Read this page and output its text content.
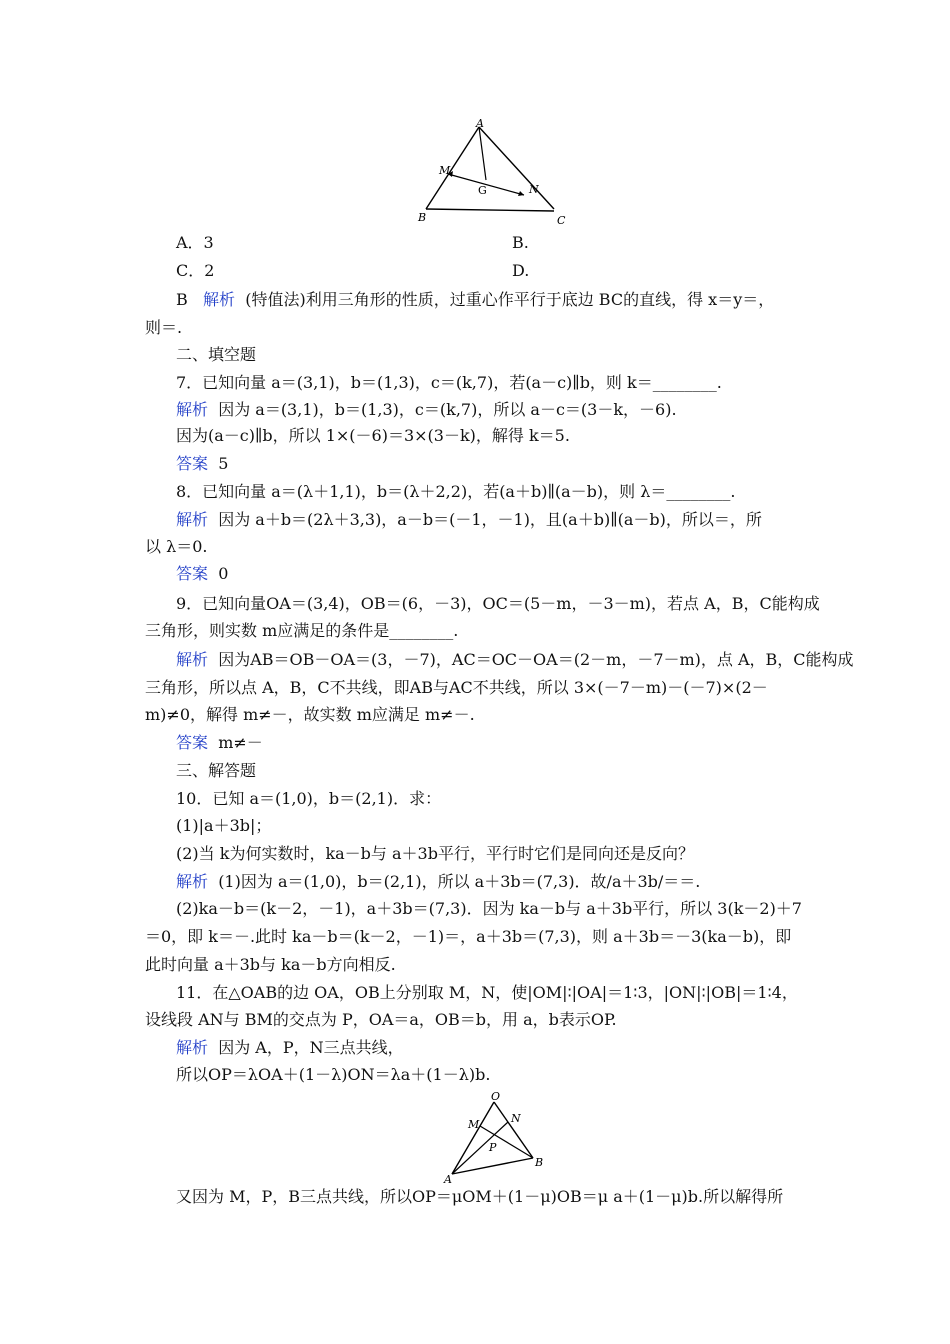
A
M
G	N
B	C
A．3	B.
C．2	D.
B 解析 (特值法)利用三角形的性质，过重心作平行于底边 BC的直线，得 x＝y＝，
则＝.
二、填空题
7．已知向量 a＝(3,1)，b＝(1,3)，c＝(k,7)，若(a－c)∥b，则 k＝________.
解析 因为 a＝(3,1)，b＝(1,3)，c＝(k,7)，所以 a－c＝(3－k，－6).
因为(a－c)∥b，所以 1×(－6)＝3×(3－k)，解得 k＝5.
答案 5
8．已知向量 a＝(λ＋1,1)，b＝(λ＋2,2)，若(a＋b)∥(a－b)，则 λ＝________.
解析 因为 a＋b＝(2λ＋3,3)，a－b＝(－1，－1)，且(a＋b)∥(a－b)，所以＝，所
以 λ＝0.
答案 0
9．已知向量OA＝(3,4)，OB＝(6，－3)，OC＝(5－m，－3－m)，若点 A，B，C能构成
三角形，则实数 m应满足的条件是________.
解析 因为AB＝OB－OA＝(3，－7)，AC＝OC－OA＝(2－m，－7－m)，点 A，B，C能构成
三角形，所以点 A，B，C不共线，即AB与AC不共线，所以 3×(－7－m)－(－7)×(2－
m)≠0，解得 m≠－，故实数 m应满足 m≠－.
答案 m≠－
三、解答题
10．已知 a＝(1,0)，b＝(2,1)．求：
(1)|a＋3b|；
(2)当 k为何实数时，ka－b与 a＋3b平行，平行时它们是同向还是反向？
解析 (1)因为 a＝(1,0)，b＝(2,1)，所以 a＋3b＝(7,3)．故/a＋3b/＝＝.
(2)ka－b＝(k－2，－1)，a＋3b＝(7,3)．因为 ka－b与 a＋3b平行，所以 3(k－2)＋7
＝0，即 k＝－.此时 ka－b＝(k－2，－1)＝，a＋3b＝(7,3)，则 a＋3b＝－3(ka－b)，即
此时向量 a＋3b与 ka－b方向相反.
11．在△OAB的边 OA，OB上分别取 M，N，使|OM|∶|OA|＝1∶3，|ON|∶|OB|＝1∶4，
设线段 AN与 BM的交点为 P，OA＝a，OB＝b，用 a，b表示OP.
解析 因为 A，P，N三点共线，
所以OP＝λOA＋(1－λ)ON＝λa＋(1－λ)b.
O
M	N
P
B
A
又因为 M，P，B三点共线，所以OP＝μOM＋(1－μ)OB＝μ a＋(1－μ)b.所以解得所
